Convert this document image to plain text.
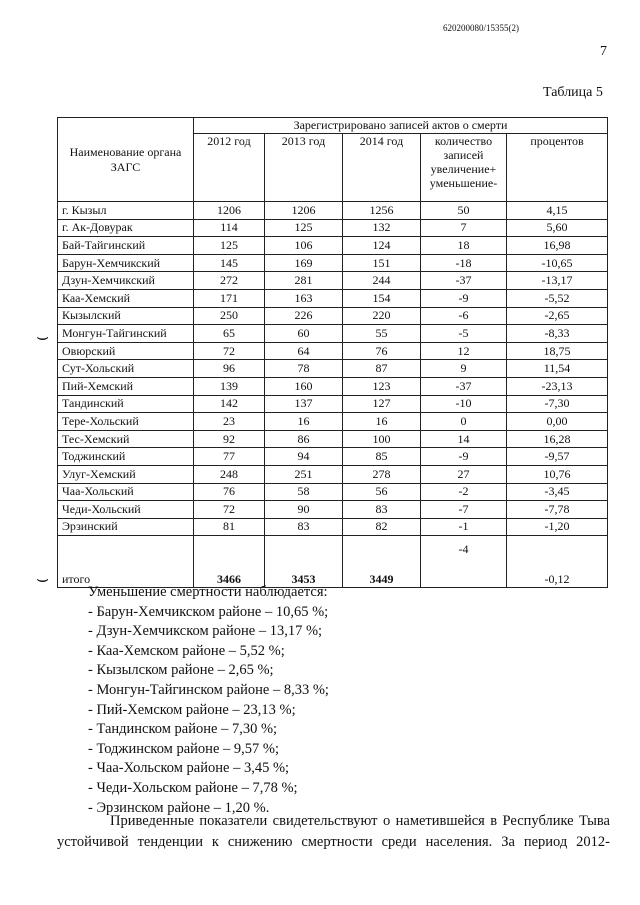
620200080/15355(2)
7
Таблица 5
Наименование органа ЗАГС	Зарегистрировано записей актов о смерти				
	2012 год	2013 год	2014 год	количество записей увеличение+ уменьшение-	процентов
г. Кызыл	1206	1206	1256	50	4,15
г. Ак-Довурак	114	125	132	7	5,60
Бай-Тайгинский	125	106	124	18	16,98
Барун-Хемчикский	145	169	151	-18	-10,65
Дзун-Хемчикский	272	281	244	-37	-13,17
Каа-Хемский	171	163	154	-9	-5,52
Кызылский	250	226	220	-6	-2,65
Монгун-Тайгинский	65	60	55	-5	-8,33
Овюрский	72	64	76	12	18,75
Сут-Хольский	96	78	87	9	11,54
Пий-Хемский	139	160	123	-37	-23,13
Тандинский	142	137	127	-10	-7,30
Тере-Хольский	23	16	16	0	0,00
Тес-Хемский	92	86	100	14	16,28
Тоджинский	77	94	85	-9	-9,57
Улуг-Хемский	248	251	278	27	10,76
Чаа-Хольский	76	58	56	-2	-3,45
Чеди-Хольский	72	90	83	-7	-7,78
Эрзинский	81	83	82	-1	-1,20
итого	3466	3453	3449	-4	-0,12
⌣
⌣

Уменьшение смертности наблюдается:

- Барун-Хемчикском районе – 10,65 %;
- Дзун-Хемчикском районе – 13,17 %;
- Каа-Хемском районе – 5,52 %;
- Кызылском районе – 2,65 %;
- Монгун-Тайгинском районе – 8,33 %;
- Пий-Хемском районе – 23,13 %;
- Тандинском районе – 7,30 %;
- Тоджинском районе – 9,57 %;
- Чаа-Хольском районе – 3,45 %;
- Чеди-Хольском районе – 7,78 %;
- Эрзинском районе – 1,20 %.

Приведенные показатели свидетельствуют о наметившейся в Республике Тыва

устойчивой тенденции к снижению смертности среди населения. За период 2012-
